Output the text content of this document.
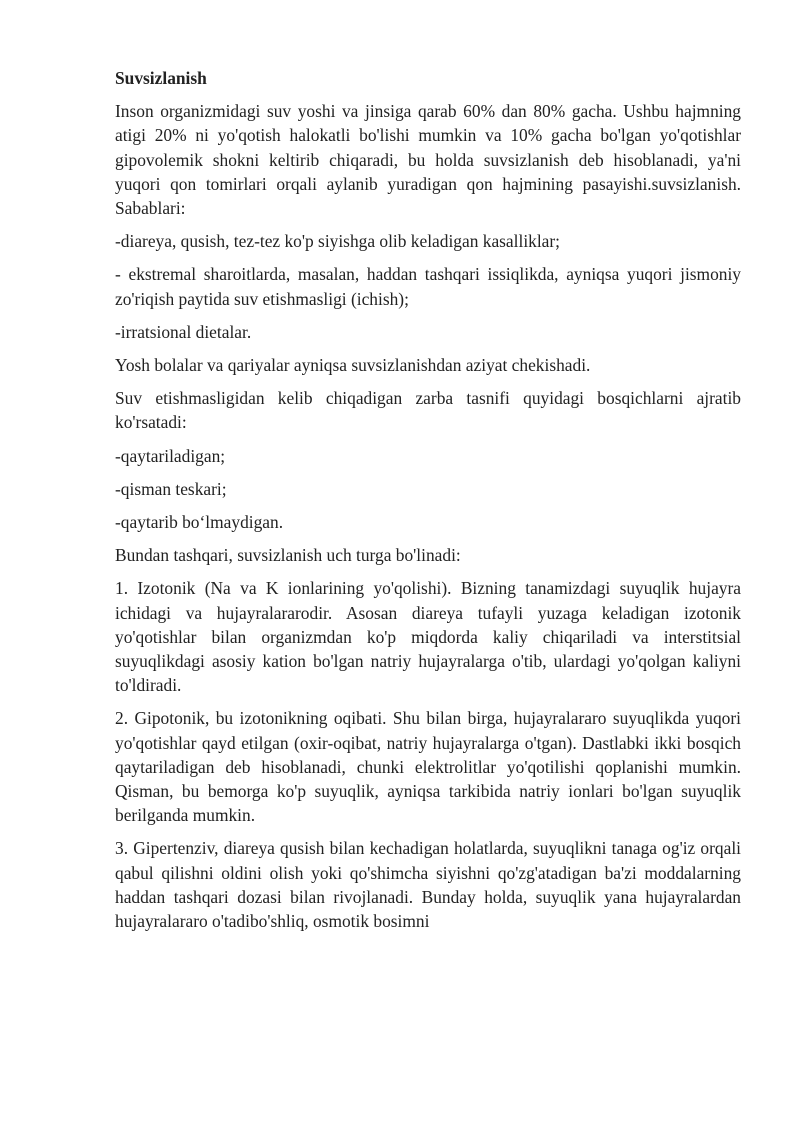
Suvsizlanish

Inson organizmidagi suv yoshi va jinsiga qarab 60% dan 80% gacha. Ushbu hajmning atigi 20% ni yo'qotish halokatli bo'lishi mumkin va 10% gacha bo'lgan yo'qotishlar gipovolemik shokni keltirib chiqaradi, bu holda suvsizlanish deb hisoblanadi, ya'ni yuqori qon tomirlari orqali aylanib yuradigan qon hajmining pasayishi.suvsizlanish. Sabablari:

-diareya, qusish, tez-tez ko'p siyishga olib keladigan kasalliklar;

- ekstremal sharoitlarda, masalan, haddan tashqari issiqlikda, ayniqsa yuqori jismoniy zo'riqish paytida suv etishmasligi (ichish);

-irratsional dietalar.

Yosh bolalar va qariyalar ayniqsa suvsizlanishdan aziyat chekishadi.

Suv etishmasligidan kelib chiqadigan zarba tasnifi quyidagi bosqichlarni ajratib ko'rsatadi:

-qaytariladigan;

-qisman teskari;

-qaytarib bo‘lmaydigan.

Bundan tashqari, suvsizlanish uch turga bo'linadi:

1. Izotonik (Na va K ionlarining yo'qolishi). Bizning tanamizdagi suyuqlik hujayra ichidagi va hujayralararodir. Asosan diareya tufayli yuzaga keladigan izotonik yo'qotishlar bilan organizmdan ko'p miqdorda kaliy chiqariladi va interstitsial suyuqlikdagi asosiy kation bo'lgan natriy hujayralarga o'tib, ulardagi yo'qolgan kaliyni to'ldiradi.

2. Gipotonik, bu izotonikning oqibati. Shu bilan birga, hujayralararo suyuqlikda yuqori yo'qotishlar qayd etilgan (oxir-oqibat, natriy hujayralarga o'tgan). Dastlabki ikki bosqich qaytariladigan deb hisoblanadi, chunki elektrolitlar yo'qotilishi qoplanishi mumkin. Qisman, bu bemorga ko'p suyuqlik, ayniqsa tarkibida natriy ionlari bo'lgan suyuqlik berilganda mumkin.

3. Gipertenziv, diareya qusish bilan kechadigan holatlarda, suyuqlikni tanaga og'iz orqali qabul qilishni oldini olish yoki qo'shimcha siyishni qo'zg'atadigan ba'zi moddalarning haddan tashqari dozasi bilan rivojlanadi. Bunday holda, suyuqlik yana hujayralardan hujayralararo o'tadibo'shliq, osmotik bosimni
